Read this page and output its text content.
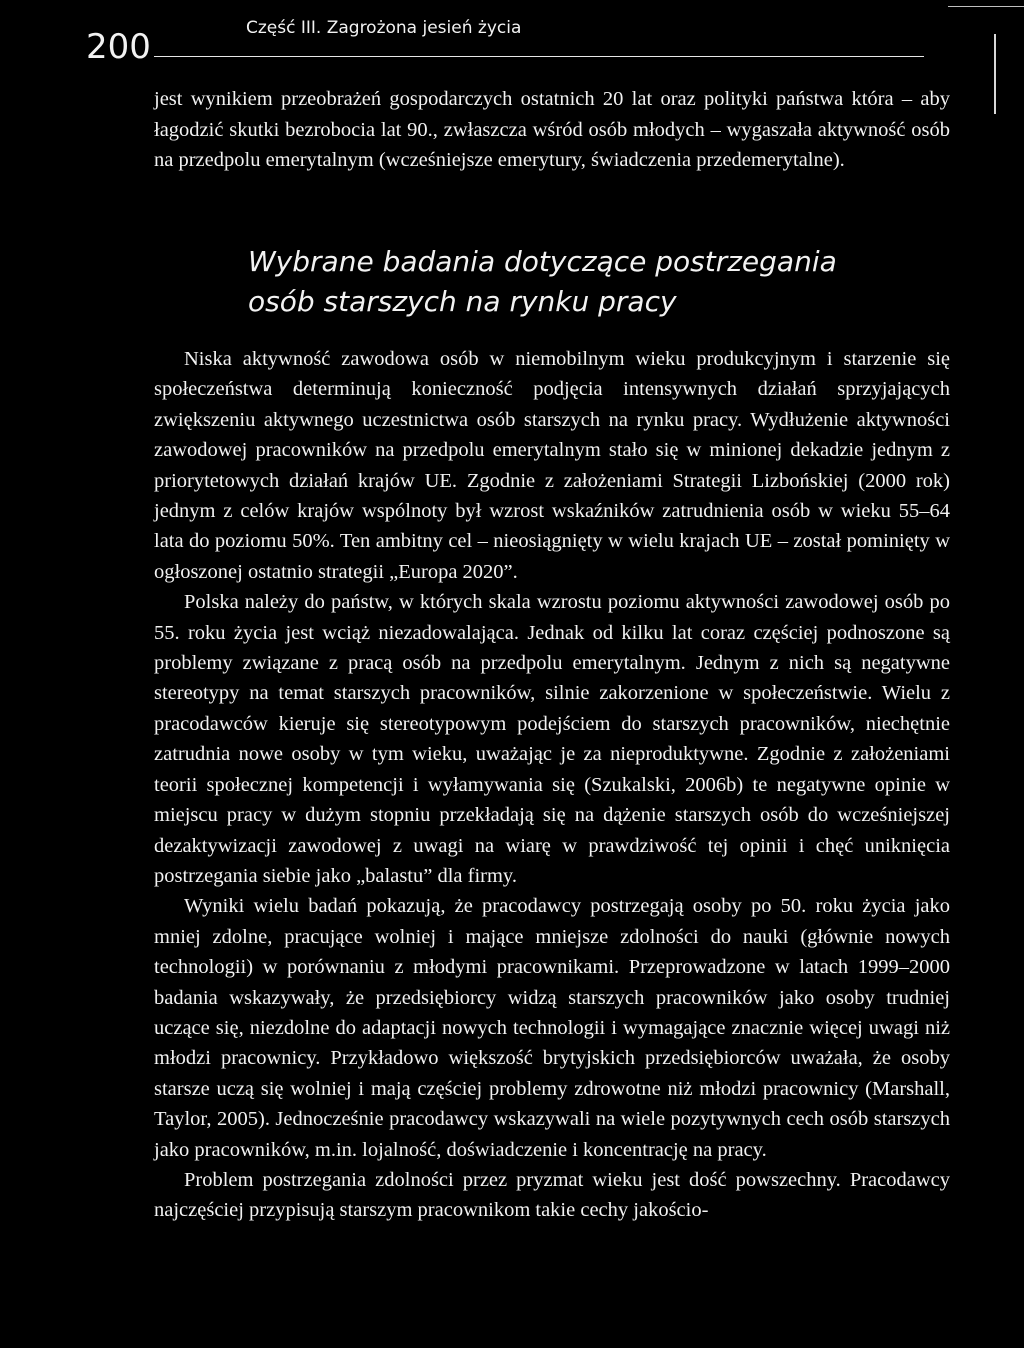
200	Część III. Zagrożona jesień życia

jest wynikiem przeobrażeń gospodarczych ostatnich 20 lat oraz polityki państwa która – aby łagodzić skutki bezrobocia lat 90., zwłaszcza wśród osób młodych – wygaszała aktywność osób na przedpolu emerytalnym (wcześniejsze emerytury, świadczenia przedemerytalne).

Wybrane badania dotyczące postrzegania
osób starszych na rynku pracy

Niska aktywność zawodowa osób w niemobilnym wieku produkcyjnym i starzenie się społeczeństwa determinują konieczność podjęcia intensywnych działań sprzyjających zwiększeniu aktywnego uczestnictwa osób starszych na rynku pracy. Wydłużenie aktywności zawodowej pracowników na przedpolu emerytalnym stało się w minionej dekadzie jednym z priorytetowych działań krajów UE. Zgodnie z założeniami Strategii Lizbońskiej (2000 rok) jednym z celów krajów wspólnoty był wzrost wskaźników zatrudnienia osób w wieku 55–64 lata do poziomu 50%. Ten ambitny cel – nieosiągnięty w wielu krajach UE – został pominięty w ogłoszonej ostatnio strategii „Europa 2020”.

Polska należy do państw, w których skala wzrostu poziomu aktywności zawodowej osób po 55. roku życia jest wciąż niezadowalająca. Jednak od kilku lat coraz częściej podnoszone są problemy związane z pracą osób na przedpolu emerytalnym. Jednym z nich są negatywne stereotypy na temat starszych pracowników, silnie zakorzenione w społeczeństwie. Wielu z pracodawców kieruje się stereotypowym podejściem do starszych pracowników, niechętnie zatrudnia nowe osoby w tym wieku, uważając je za nieproduktywne. Zgodnie z założeniami teorii społecznej kompetencji i wyłamywania się (Szukalski, 2006b) te negatywne opinie w miejscu pracy w dużym stopniu przekładają się na dążenie starszych osób do wcześniejszej dezaktywizacji zawodowej z uwagi na wiarę w prawdziwość tej opinii i chęć uniknięcia postrzegania siebie jako „balastu” dla firmy.

Wyniki wielu badań pokazują, że pracodawcy postrzegają osoby po 50. roku życia jako mniej zdolne, pracujące wolniej i mające mniejsze zdolności do nauki (głównie nowych technologii) w porównaniu z młodymi pracownikami. Przeprowadzone w latach 1999–2000 badania wskazywały, że przedsiębiorcy widzą starszych pracowników jako osoby trudniej uczące się, niezdolne do adaptacji nowych technologii i wymagające znacznie więcej uwagi niż młodzi pracownicy. Przykładowo większość brytyjskich przedsiębiorców uważała, że osoby starsze uczą się wolniej i mają częściej problemy zdrowotne niż młodzi pracownicy (Marshall, Taylor, 2005). Jednocześnie pracodawcy wskazywali na wiele pozytywnych cech osób starszych jako pracowników, m.in. lojalność, doświadczenie i koncentrację na pracy.

Problem postrzegania zdolności przez pryzmat wieku jest dość powszechny. Pracodawcy najczęściej przypisują starszym pracownikom takie cechy jakościo-
